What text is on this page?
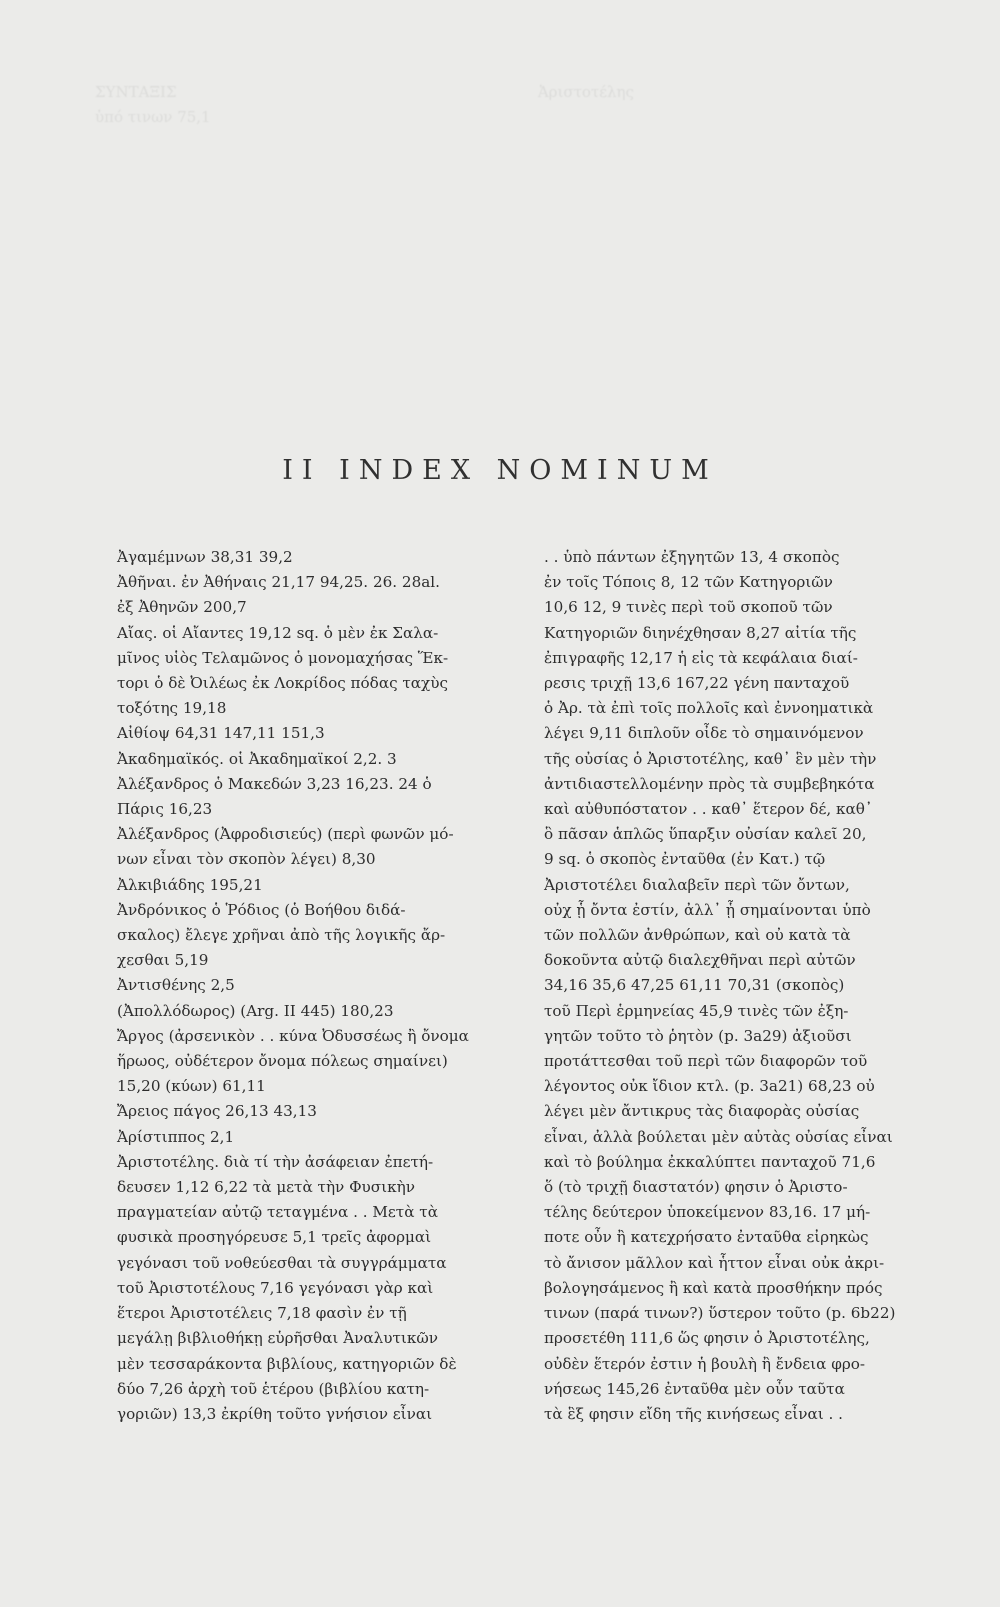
ΣΥΝΤΑΞΙΣ	Ἀριστοτέλης
ὑπό τινων 75,1
II INDEX NOMINUM
Ἀγαμέμνων 38,31 39,2
Ἀθῆναι. ἐν Ἀθήναις 21,17 94,25. 26. 28al.
ἐξ Ἀθηνῶν 200,7
Αἴας. οἱ Αἴαντες 19,12 sq. ὁ μὲν ἐκ Σαλα-
μῖνος υἱὸς Τελαμῶνος ὁ μονομαχήσας Ἕκ-
τορι ὁ δὲ Ὀιλέως ἐκ Λοκρίδος πόδας ταχὺς
τοξότης 19,18
Αἰθίοψ 64,31 147,11 151,3
Ἀκαδημαϊκός. οἱ Ἀκαδημαϊκοί 2,2. 3
Ἀλέξανδρος ὁ Μακεδών 3,23 16,23. 24 ὁ
Πάρις 16,23
Ἀλέξανδρος (Ἀφροδισιεύς) (περὶ φωνῶν μό-
νων εἶναι τὸν σκοπὸν λέγει) 8,30
Ἀλκιβιάδης 195,21
Ἀνδρόνικος ὁ Ῥόδιος (ὁ Βοήθου διδά-
σκαλος) ἔλεγε χρῆναι ἀπὸ τῆς λογικῆς ἄρ-
χεσθαι 5,19
Ἀντισθένης 2,5
(Ἀπολλόδωρος) (Arg. II 445) 180,23
Ἄργος (ἀρσενικὸν . . κύνα Ὀδυσσέως ἢ ὄνομα
ἥρωος, οὐδέτερον ὄνομα πόλεως σημαίνει)
15,20 (κύων) 61,11
Ἄρειος πάγος 26,13 43,13
Ἀρίστιππος 2,1
Ἀριστοτέλης. διὰ τί τὴν ἀσάφειαν ἐπετή-
δευσεν 1,12 6,22 τὰ μετὰ τὴν Φυσικὴν
πραγματείαν αὐτῷ τεταγμένα . . Μετὰ τὰ
φυσικὰ προσηγόρευσε 5,1 τρεῖς ἀφορμαὶ
γεγόνασι τοῦ νοθεύεσθαι τὰ συγγράμματα
τοῦ Ἀριστοτέλους 7,16 γεγόνασι γὰρ καὶ
ἕτεροι Ἀριστοτέλεις 7,18 φασὶν ἐν τῇ
μεγάλῃ βιβλιοθήκῃ εὑρῆσθαι Ἀναλυτικῶν
μὲν τεσσαράκοντα βιβλίους, κατηγοριῶν δὲ
δύο 7,26 ἀρχὴ τοῦ ἑτέρου (βιβλίου κατη-
γοριῶν) 13,3 ἐκρίθη τοῦτο γνήσιον εἶναι
. . ὑπὸ πάντων ἐξηγητῶν 13, 4 σκοπὸς
ἐν τοῖς Τόποις 8, 12 τῶν Κατηγοριῶν
10,6 12, 9 τινὲς περὶ τοῦ σκοποῦ τῶν
Κατηγοριῶν διηνέχθησαν 8,27 αἰτία τῆς
ἐπιγραφῆς 12,17 ἡ εἰς τὰ κεφάλαια διαί-
ρεσις τριχῇ 13,6 167,22 γένη πανταχοῦ
ὁ Ἀρ. τὰ ἐπὶ τοῖς πολλοῖς καὶ ἐννοηματικὰ
λέγει 9,11 διπλοῦν οἶδε τὸ σημαινόμενον
τῆς οὐσίας ὁ Ἀριστοτέλης, καθ᾽ ἓν μὲν τὴν
ἀντιδιαστελλομένην πρὸς τὰ συμβεβηκότα
καὶ αὐθυπόστατον . . καθ᾽ ἕτερον δέ, καθ᾽
ὃ πᾶσαν ἁπλῶς ὕπαρξιν οὐσίαν καλεῖ 20,
9 sq. ὁ σκοπὸς ἐνταῦθα (ἐν Κατ.) τῷ
Ἀριστοτέλει διαλαβεῖν περὶ τῶν ὄντων,
οὐχ ᾗ ὄντα ἐστίν, ἀλλ᾽ ᾗ σημαίνονται ὑπὸ
τῶν πολλῶν ἀνθρώπων, καὶ οὐ κατὰ τὰ
δοκοῦντα αὐτῷ διαλεχθῆναι περὶ αὐτῶν
34,16 35,6 47,25 61,11 70,31 (σκοπὸς)
τοῦ Περὶ ἑρμηνείας 45,9 τινὲς τῶν ἐξη-
γητῶν τοῦτο τὸ ῥητὸν (p. 3a29) ἀξιοῦσι
προτάττεσθαι τοῦ περὶ τῶν διαφορῶν τοῦ
λέγοντος οὐκ ἴδιον κτλ. (p. 3a21) 68,23 οὐ
λέγει μὲν ἄντικρυς τὰς διαφορὰς οὐσίας
εἶναι, ἀλλὰ βούλεται μὲν αὐτὰς οὐσίας εἶναι
καὶ τὸ βούλημα ἐκκαλύπτει πανταχοῦ 71,6
ὅ (τὸ τριχῇ διαστατόν) φησιν ὁ Ἀριστο-
τέλης δεύτερον ὑποκείμενον 83,16. 17 μή-
ποτε οὖν ἢ κατεχρήσατο ἐνταῦθα εἰρηκὼς
τὸ ἄνισον μᾶλλον καὶ ἧττον εἶναι οὐκ ἀκρι-
βολογησάμενος ἢ καὶ κατὰ προσθήκην πρός
τινων (παρά τινων?) ὕστερον τοῦτο (p. 6b22)
προσετέθη 111,6 ὥς φησιν ὁ Ἀριστοτέλης,
οὐδὲν ἕτερόν ἐστιν ἡ βουλὴ ἢ ἔνδεια φρο-
νήσεως 145,26 ἐνταῦθα μὲν οὖν ταῦτα
τὰ ἓξ φησιν εἴδη τῆς κινήσεως εἶναι . .
